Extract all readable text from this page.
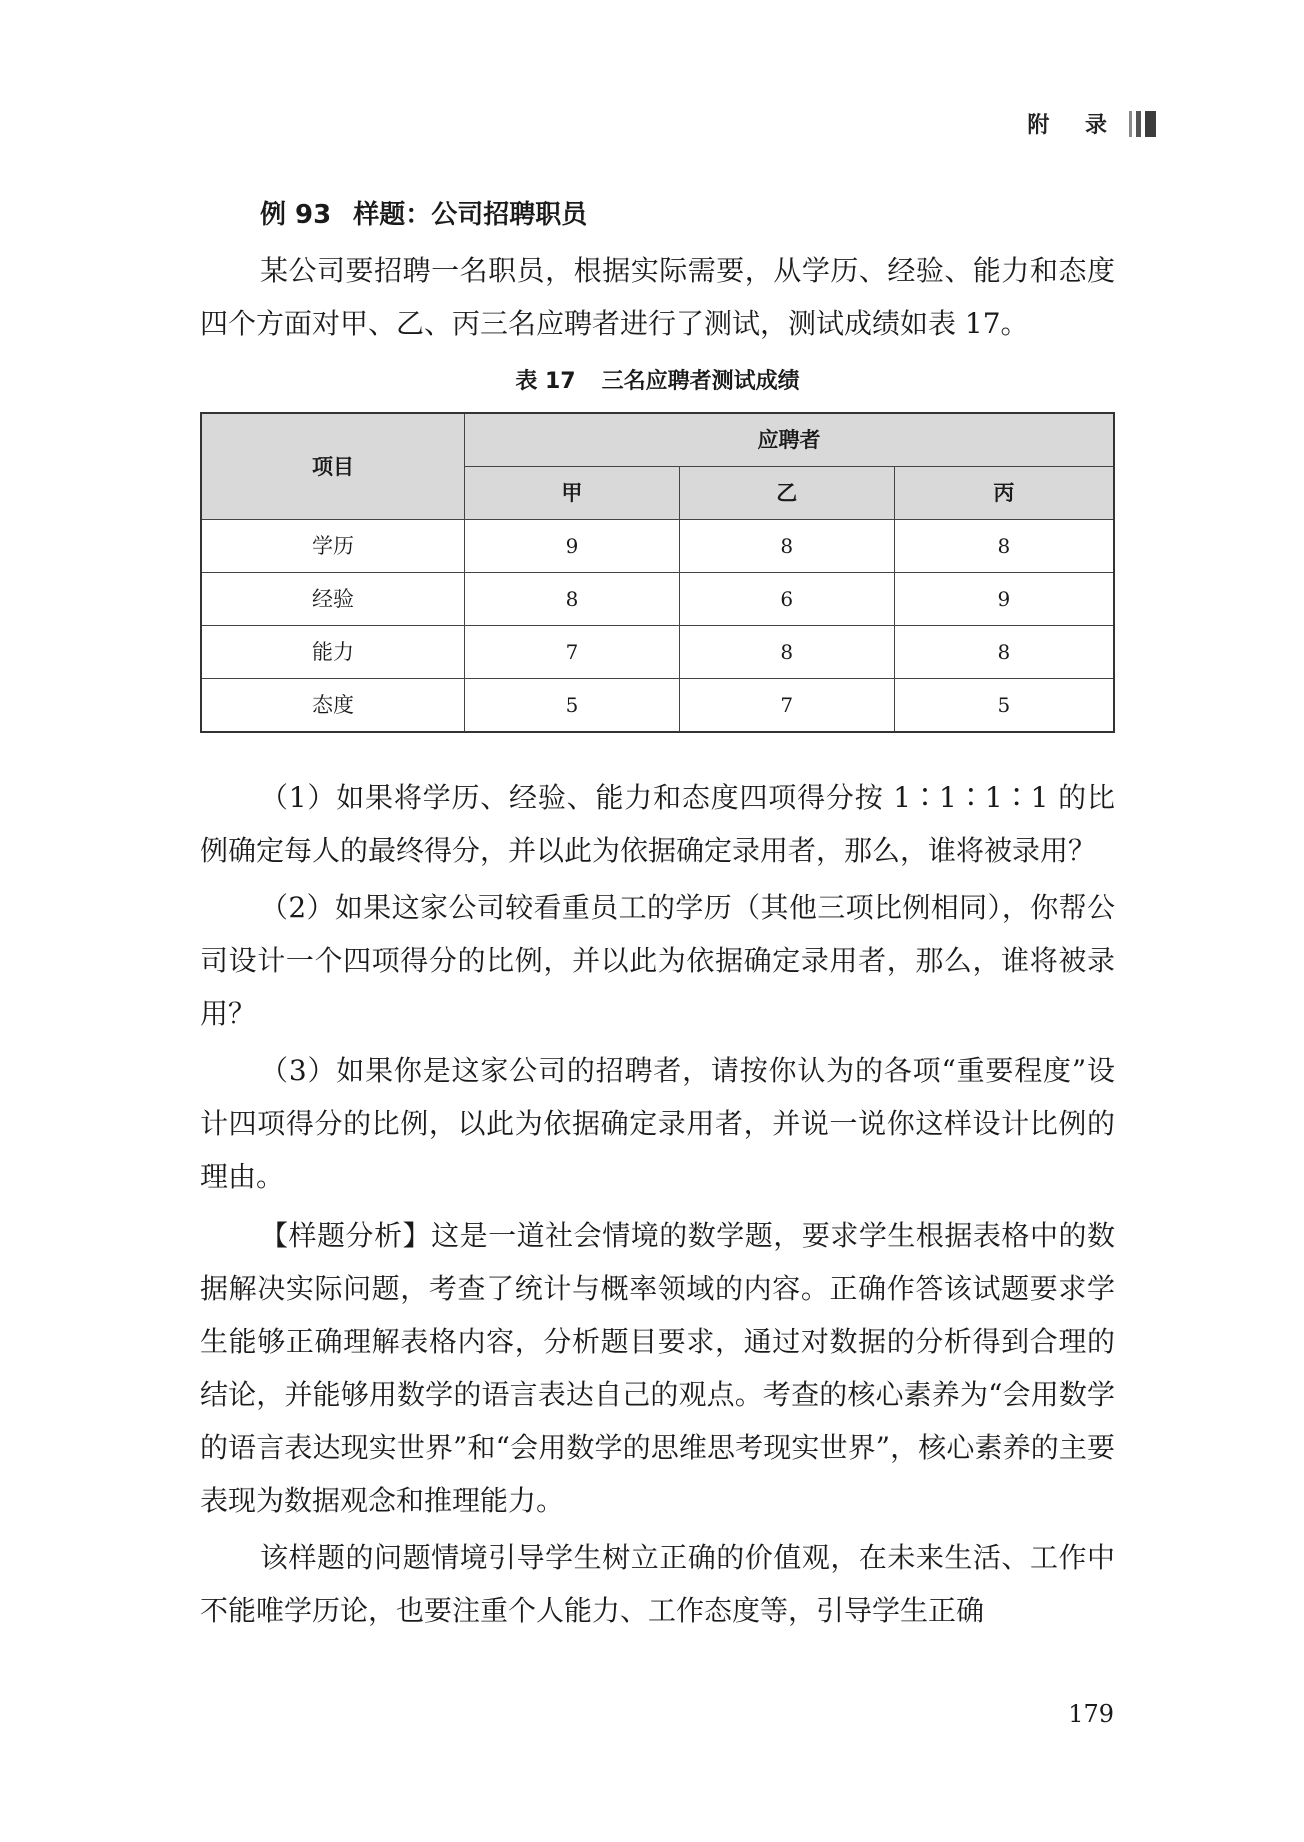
附 录
例 93 样题：公司招聘职员

某公司要招聘一名职员，根据实际需要，从学历、经验、能力和态度四个方面对甲、乙、丙三名应聘者进行了测试，测试成绩如表 17。

表 17 三名应聘者测试成绩
项目	应聘者		
	甲	乙	丙
学历	9	8	8
经验	8	6	9
能力	7	8	8
态度	5	7	5

（1）如果将学历、经验、能力和态度四项得分按 1∶1∶1∶1 的比例确定每人的最终得分，并以此为依据确定录用者，那么，谁将被录用？

（2）如果这家公司较看重员工的学历（其他三项比例相同），你帮公司设计一个四项得分的比例，并以此为依据确定录用者，那么，谁将被录用？

（3）如果你是这家公司的招聘者，请按你认为的各项“重要程度”设计四项得分的比例，以此为依据确定录用者，并说一说你这样设计比例的理由。

【样题分析】这是一道社会情境的数学题，要求学生根据表格中的数据解决实际问题，考查了统计与概率领域的内容。正确作答该试题要求学生能够正确理解表格内容，分析题目要求，通过对数据的分析得到合理的结论，并能够用数学的语言表达自己的观点。考查的核心素养为“会用数学的语言表达现实世界”和“会用数学的思维思考现实世界”，核心素养的主要表现为数据观念和推理能力。

该样题的问题情境引导学生树立正确的价值观，在未来生活、工作中不能唯学历论，也要注重个人能力、工作态度等，引导学生正确

179
